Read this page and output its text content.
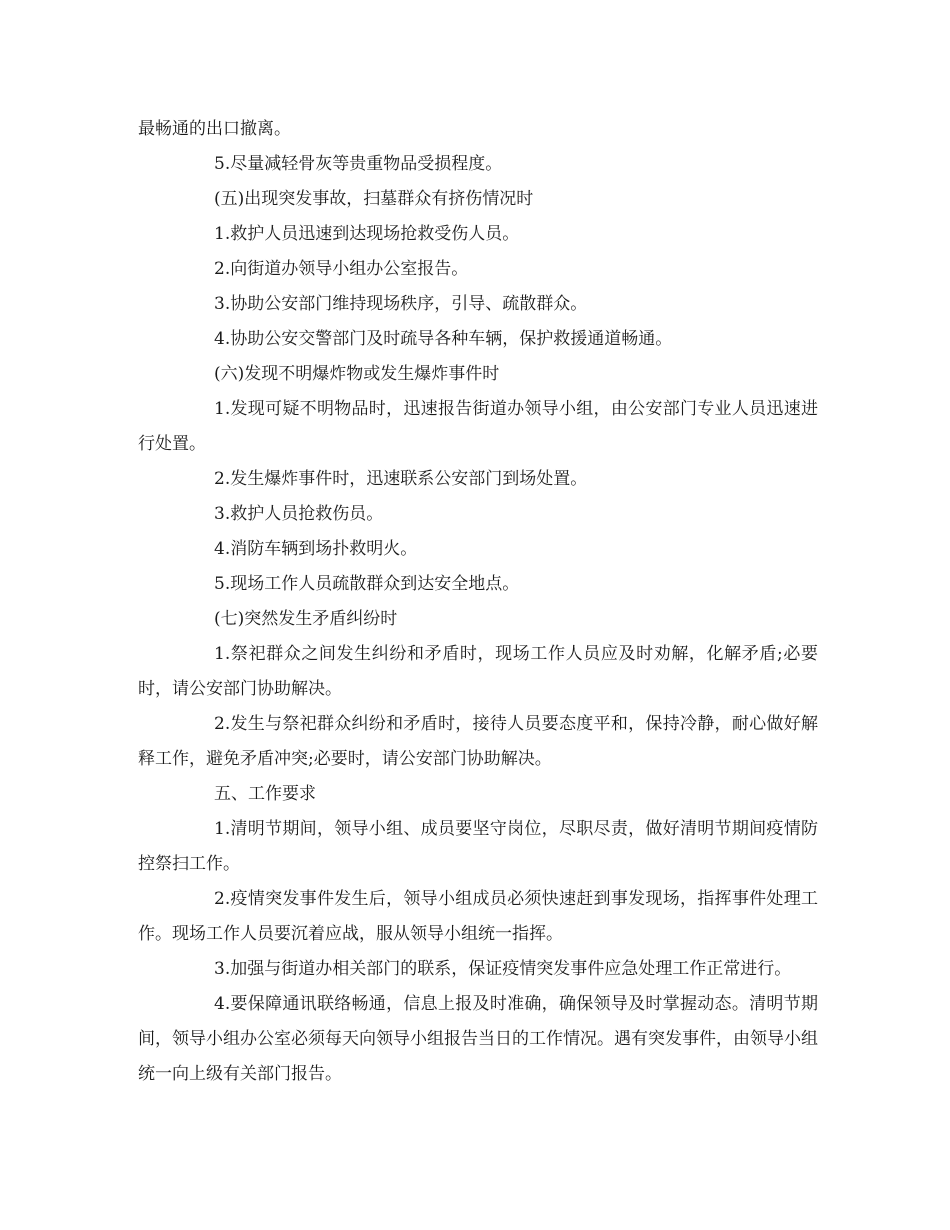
最畅通的出口撤离。

5.尽量减轻骨灰等贵重物品受损程度。

(五)出现突发事故，扫墓群众有挤伤情况时

1.救护人员迅速到达现场抢救受伤人员。

2.向街道办领导小组办公室报告。

3.协助公安部门维持现场秩序，引导、疏散群众。

4.协助公安交警部门及时疏导各种车辆，保护救援通道畅通。

(六)发现不明爆炸物或发生爆炸事件时

1.发现可疑不明物品时，迅速报告街道办领导小组，由公安部门专业人员迅速进行处置。

2.发生爆炸事件时，迅速联系公安部门到场处置。

3.救护人员抢救伤员。

4.消防车辆到场扑救明火。

5.现场工作人员疏散群众到达安全地点。

(七)突然发生矛盾纠纷时

1.祭祀群众之间发生纠纷和矛盾时，现场工作人员应及时劝解，化解矛盾;必要时，请公安部门协助解决。

2.发生与祭祀群众纠纷和矛盾时，接待人员要态度平和，保持冷静，耐心做好解释工作，避免矛盾冲突;必要时，请公安部门协助解决。

五、工作要求

1.清明节期间，领导小组、成员要坚守岗位，尽职尽责，做好清明节期间疫情防控祭扫工作。

2.疫情突发事件发生后，领导小组成员必须快速赶到事发现场，指挥事件处理工作。现场工作人员要沉着应战，服从领导小组统一指挥。

3.加强与街道办相关部门的联系，保证疫情突发事件应急处理工作正常进行。

4.要保障通讯联络畅通，信息上报及时准确，确保领导及时掌握动态。清明节期间，领导小组办公室必须每天向领导小组报告当日的工作情况。遇有突发事件，由领导小组统一向上级有关部门报告。
